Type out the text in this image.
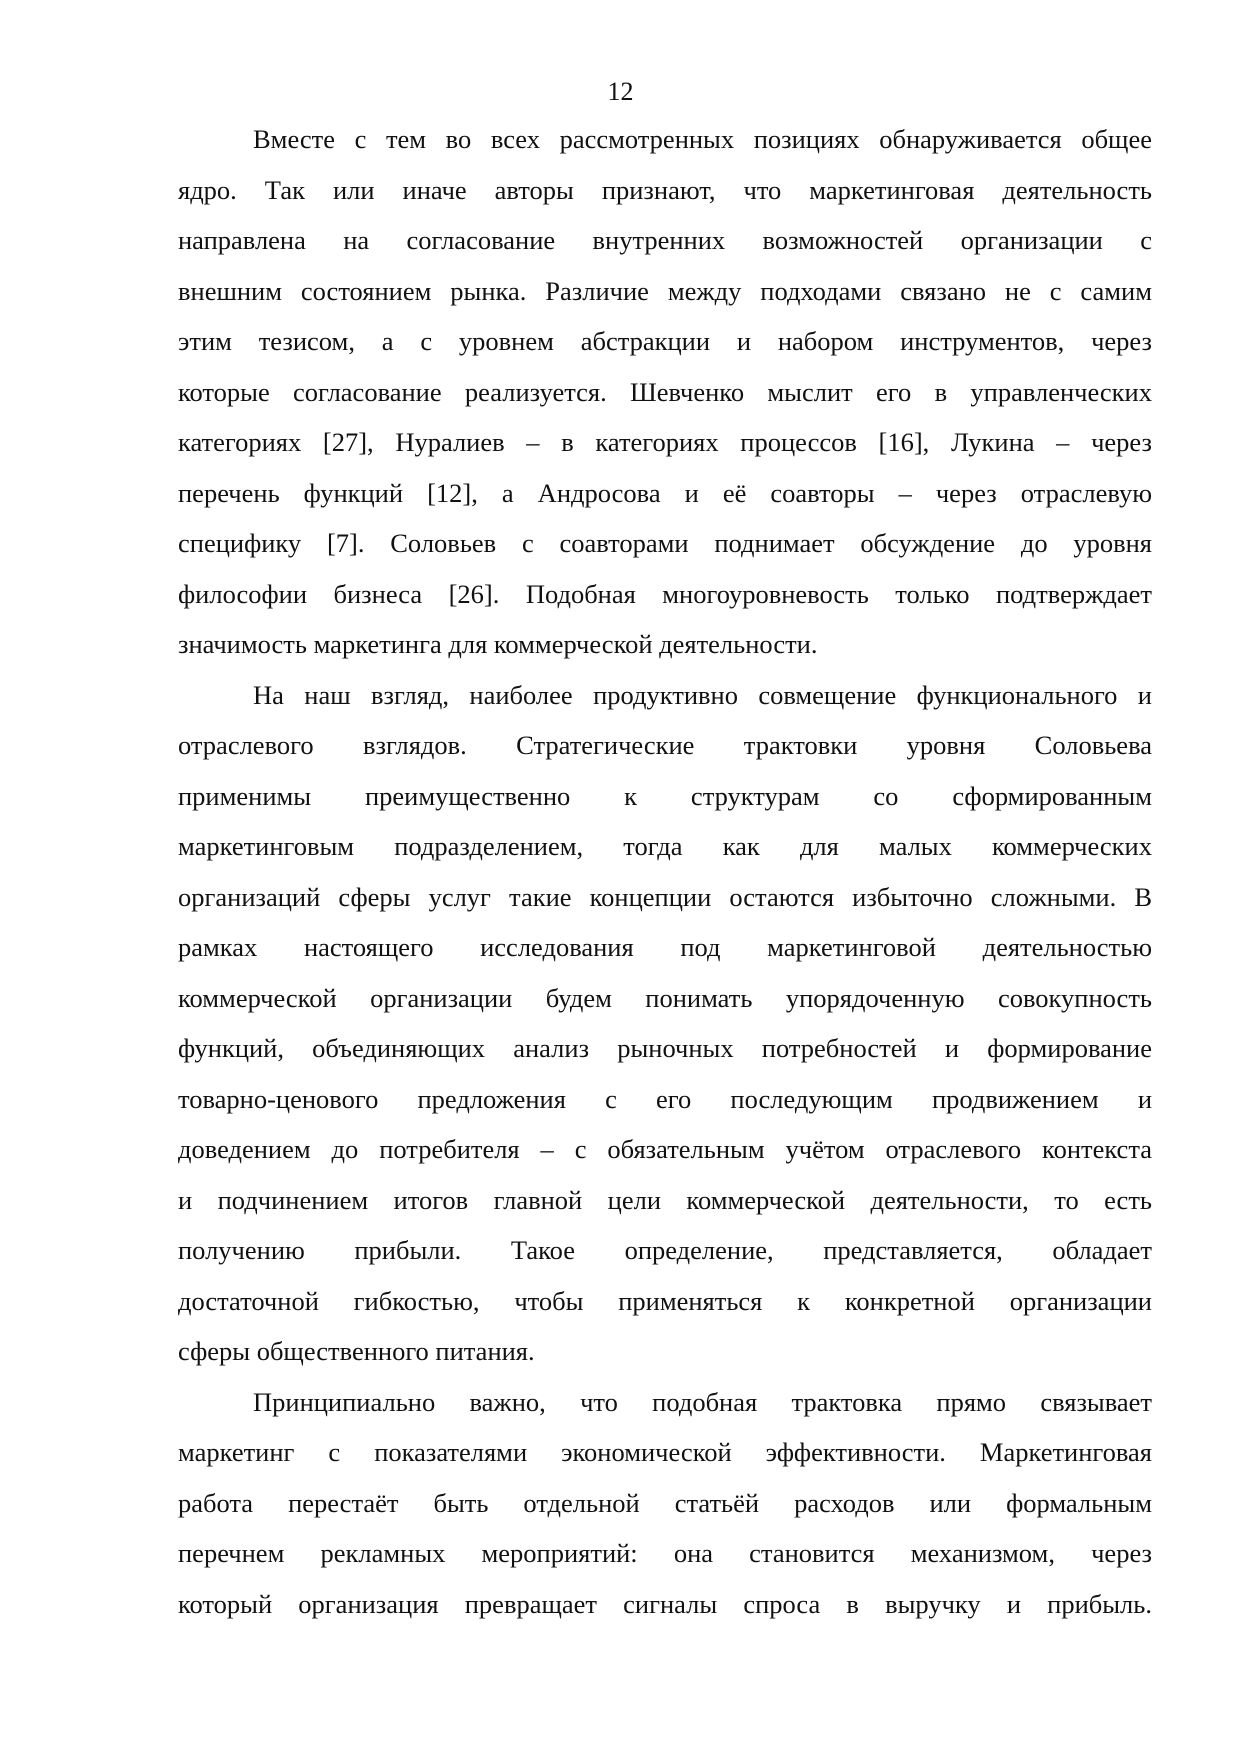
12
Вместе с тем во всех рассмотренных позициях обнаруживается общее
ядро. Так или иначе авторы признают, что маркетинговая деятельность
направлена на согласование внутренних возможностей организации с
внешним состоянием рынка. Различие между подходами связано не с самим
этим тезисом, а с уровнем абстракции и набором инструментов, через
которые согласование реализуется. Шевченко мыслит его в управленческих
категориях [27], Нуралиев – в категориях процессов [16], Лукина – через
перечень функций [12], а Андросова и её соавторы – через отраслевую
специфику [7]. Соловьев с соавторами поднимает обсуждение до уровня
философии бизнеса [26]. Подобная многоуровневость только подтверждает
значимость маркетинга для коммерческой деятельности.
На наш взгляд, наиболее продуктивно совмещение функционального и
отраслевого взглядов. Стратегические трактовки уровня Соловьева
применимы преимущественно к структурам со сформированным
маркетинговым подразделением, тогда как для малых коммерческих
организаций сферы услуг такие концепции остаются избыточно сложными. В
рамках настоящего исследования под маркетинговой деятельностью
коммерческой организации будем понимать упорядоченную совокупность
функций, объединяющих анализ рыночных потребностей и формирование
товарно-ценового предложения с его последующим продвижением и
доведением до потребителя – с обязательным учётом отраслевого контекста
и подчинением итогов главной цели коммерческой деятельности, то есть
получению прибыли. Такое определение, представляется, обладает
достаточной гибкостью, чтобы применяться к конкретной организации
сферы общественного питания.
Принципиально важно, что подобная трактовка прямо связывает
маркетинг с показателями экономической эффективности. Маркетинговая
работа перестаёт быть отдельной статьёй расходов или формальным
перечнем рекламных мероприятий: она становится механизмом, через
который организация превращает сигналы спроса в выручку и прибыль.
